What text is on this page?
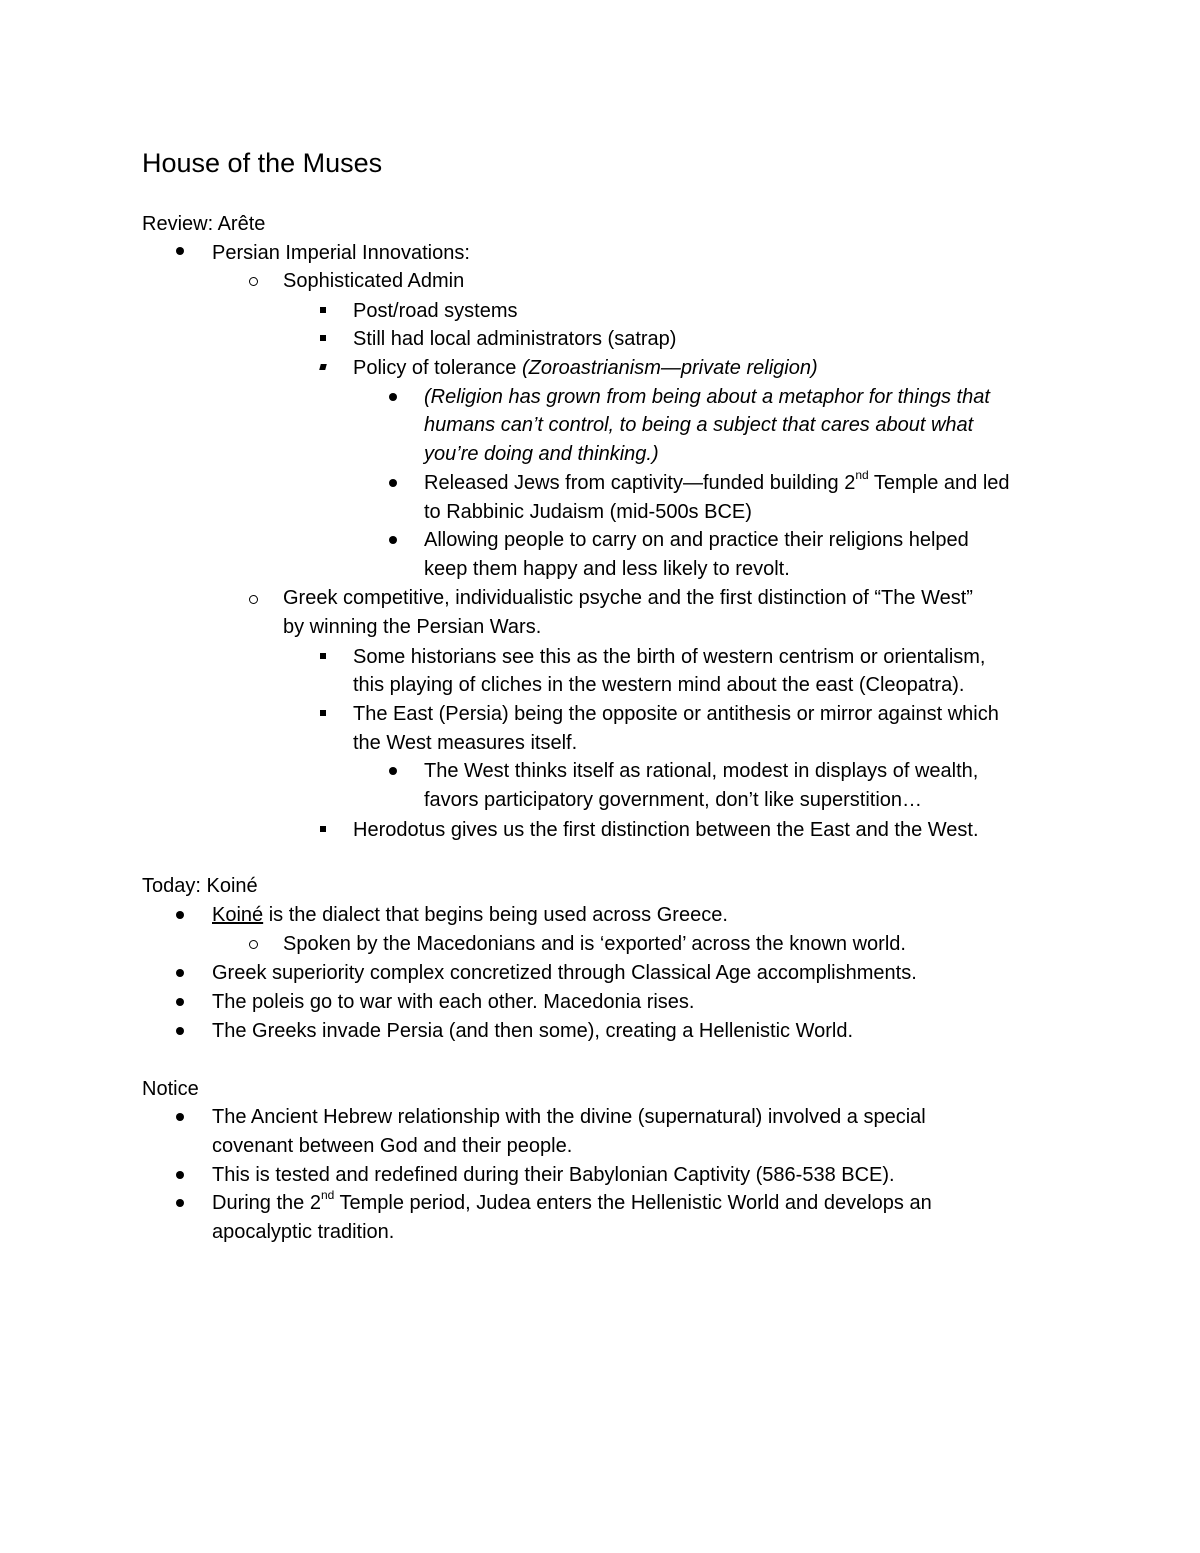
House of the Muses
Review: Arête
Persian Imperial Innovations:
Sophisticated Admin
Post/road systems
Still had local administrators (satrap)
Policy of tolerance (Zoroastrianism—private religion)
(Religion has grown from being about a metaphor for things that
humans can’t control, to being a subject that cares about what
you’re doing and thinking.)
Released Jews from captivity—funded building 2nd Temple and led
to Rabbinic Judaism (mid-500s BCE)
Allowing people to carry on and practice their religions helped
keep them happy and less likely to revolt.
Greek competitive, individualistic psyche and the first distinction of “The West”
by winning the Persian Wars.
Some historians see this as the birth of western centrism or orientalism,
this playing of cliches in the western mind about the east (Cleopatra).
The East (Persia) being the opposite or antithesis or mirror against which
the West measures itself.
The West thinks itself as rational, modest in displays of wealth,
favors participatory government, don’t like superstition…
Herodotus gives us the first distinction between the East and the West.
Today: Koiné
Koiné is the dialect that begins being used across Greece.
Spoken by the Macedonians and is ‘exported’ across the known world.
Greek superiority complex concretized through Classical Age accomplishments.
The poleis go to war with each other. Macedonia rises.
The Greeks invade Persia (and then some), creating a Hellenistic World.
Notice
The Ancient Hebrew relationship with the divine (supernatural) involved a special
covenant between God and their people.
This is tested and redefined during their Babylonian Captivity (586-538 BCE).
During the 2nd Temple period, Judea enters the Hellenistic World and develops an
apocalyptic tradition.
